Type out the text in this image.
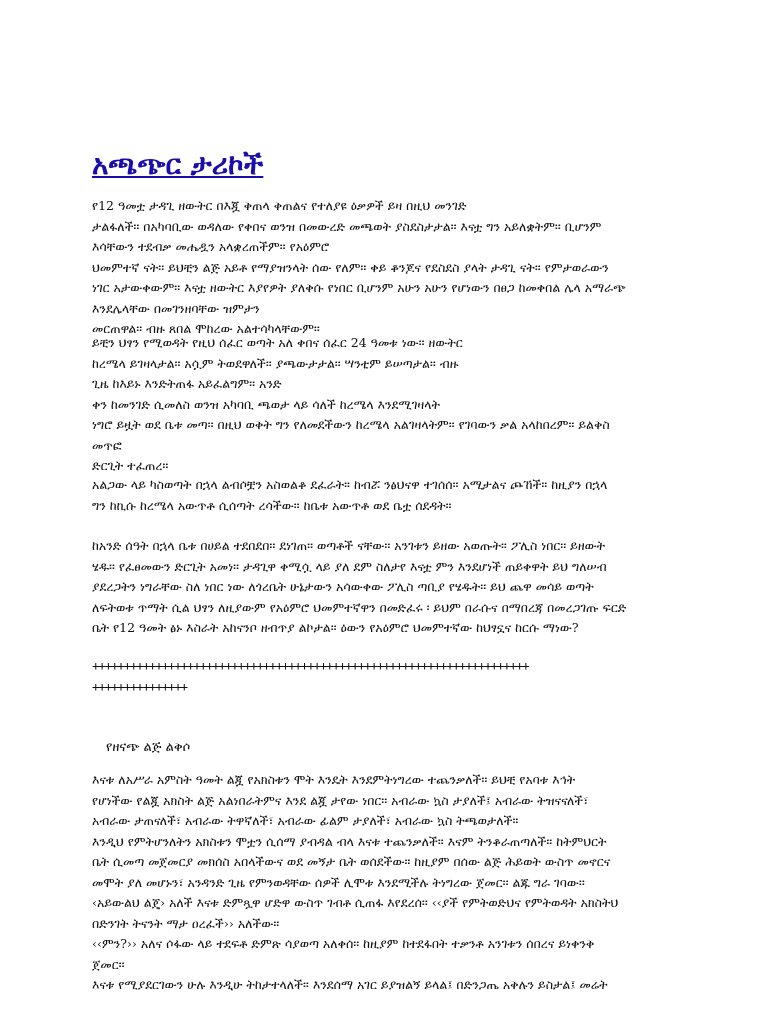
አጫጭር ታሪኮች
የ12 ዓመቷ ታዳጊ ዘውትር በእጇ ቅጠላ ቅጠልና የተለያዩ ዕቃዎች ይዛ በዚህ መንገድ
ታልፋለች፡፡ በአካባቢው ወዳለው የቀበና ወንዝ በመውረድ መጫወት ያስደስታታል፡፡ እናቷ ግን አይለቋትም፡፡ ቢሆንም
እሳቸውን ተደብቃ መሔዷን አላቋረጠችም፡፡ የአዕምሮ
ህመምተኛ ናት፡፡ ይህቺን ልጅ አይቶ የማያዝንላት ሰው የለም፡፡ ቀይ ቆንጆና የደስደስ ያላት ታዳጊ ናት፡፡ የምታወራውን
ነገር አታውቀውም፡፡ እናቷ ዘውትር እያየዎት ያለቅሱ የነበር ቢሆንም አሁን አሁን የሆነውን በፀጋ ከመቀበል ሌላ አማራጭ
እንደሌላቸው በመገንዘባቸው ዝምታን
መርጠዋል፡፡ ብዙ ጸበል ሞከረው አልተሳካላቸውም፡፡
ይቺን ህፃን የሚወዳት የዚህ ሰፈር ወጣት አለ ቀበና ሰፈር 24 ዓመቱ ነው፡፡ ዘውትር
ከረሜላ ይገዛላታል፡፡ አሷም ትወደዋለች፡፡ ያጫውታታል፡፡ ሣንቲም ይሠጣታል፡፡ ብዙ
ጊዜ ከእይኑ እንድትጠፋ አይፈልግም፡፡ አንድ
ቀን ከመንገድ ሲመለስ ወንዝ አካባቢ ጫወታ ላይ ሳለች ከረሜላ እንደሚገዛላት
ነግሮ ይዟት ወደ ቤቱ መጣ፡፡ በዚህ ወቅት ግን የለመደችውን ከረሜላ አልገዛላትም፡፡ የገባውን ቃል አላከበረም፡፡ ይልቅስ
መጥፎ
ድርጊት ተፈጠረ፡፡
አልጋው ላይ ካስወጣት በኋላ ልብሶቿን አስወልቆ ደፈራት፡፡ ከብሯ ንፅህናዋ ተገሰሰ፡፡ አሚታልና ጮኸች፡፡ ከዚያን በኋላ
ግን ከኪሱ ከረሜላ አውጥቶ ሲሰጣት ረሳችው፡፡ ከቤቱ አውጥቶ ወደ ቤቷ ሰደዳት፡፡
ከአንድ ሰዓት በኋላ ቤቱ በሀይል ተደበደበ፡፡ ደነገጠ፡፡ ወጣቶች ናቸው፡፡ አንገቱን ይዘው አወጡት፡፡ ፖሊስ ነበር፡፡ ይዘውት
ሄዱ፡፡ የፈፀመውን ድርጊት አመነ፡፡ ታዳጊዋ ቀሚሷ ላይ ያለ ደም ስለታየ እናቷ ምን እንደሆነች ጠይቀዋት ይህ ግለሠብ
ያደረጋትን ነግራቸው ስለ ነበር ነው ለጎረቤት ሁኔታውን አሳውቀው ፖሊስ ጣቢያ የሄዱት፡፡ ይህ ጨዋ መሳይ ወጣት
ለፍትወቱ ጥማት ሲል ህፃን ለዚያውም የአዕምሮ ህመምተኛዋን በመድፈሩ ፡ ይህም በራሱና በማበረጃ በመረጋገጡ ፍርድ
ቤት የ12 ዓመት ፅኑ እስራት አከናንቦ ዘብጥያ ልኮታል፡፡ ዕውን የአዕምሮ ህመምተኛው ከህፃኗና ከርሱ ማነው?
+++++++++++++++++++++++++++++++++++++++++++++++++++++++++++++++++++++
+++++++++++++++

የዘናጭ ልጅ ልቅሶ

እናቱ ለአሥራ አምስት ዓመት ልጇ የአክስቱን ሞት እንዴት እንደምትነግረው ተጨንቃለች፡፡ ይህቺ የአባቱ እኅት
የሆነችው የልጇ አክስት ልጅ አልነበራትምና እንደ ልጇ ታየው ነበር፡፡ አብራው ኳስ ታያለች፤ አብራው ትዝናናለች፣
አብራው ታጠናለች፣ አብራው ትዋኛለች፣ አብራው ፊልም ታያለች፣ አብራው ኳስ ትጫወታለች፡፡
እንዲህ የምትሆንለትን አክስቱን ሞቷን ሲሰማ ያብዳል ብላ እናቱ ተጨንቃለች፡፡ እናም ትንቆራጠጣለች፡፡ ከትምህርት
ቤት ሲመጣ መጀመርያ መክሰስ አበላችውና ወደ መኝታ ቤት ወሰደችው፡፡ ከዚያም በሰው ልጅ ሕይወት ውስጥ መኖርና
መሞት ያለ መሆኑን፣ አንዳንድ ጊዜ የምንወዳቸው ሰዎች ሊሞቱ እንደሚችሉ ትነግረው ጀመር፡፡ ልጁ ግራ ገባው፡፡
‹አይውልህ ልጄ› አለች እናቱ ድምጿዋ ሆድዋ ውስጥ ገብቶ ሲጠፋ እየደረሰ፡፡ ‹‹ያች የምትወድህና የምትወዳት አክስትህ
በድንገት ትናንት ማታ ዐረፈች›› አለችው፡፡
‹‹ምን?›› አለና ሶፋው ላይ ተደፍቶ ድምጽ ሳያወጣ አለቀሰ፡፡ ከዚያም ከተደፋበት ተቃንቶ አንገቱን ሰበረና ይነቀንቅ
ጀመር፡፡
እናቱ የሚያደርገውን ሁሉ እንዲሁ ትከታተላለች፡፡ እንደሰማ አገር ይያዝልኝ ይላል፤ በድንጋጤ አቅሉን ይስታል፤ መሬት
